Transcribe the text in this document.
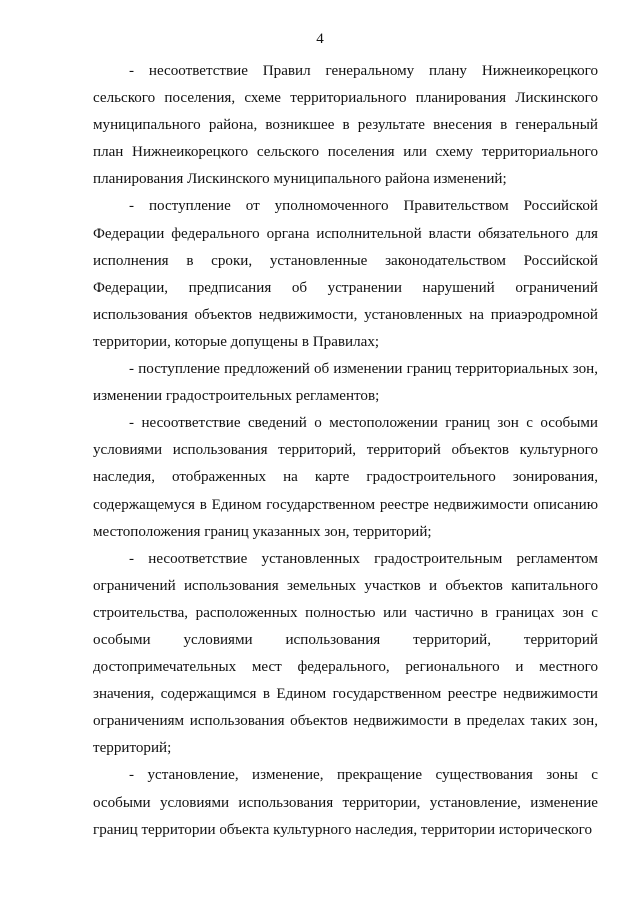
4

- несоответствие Правил генеральному плану Нижнеикорецкого сельского поселения, схеме территориального планирования Лискинского муниципального района, возникшее в результате внесения в генеральный план Нижнеикорецкого сельского поселения или схему территориального планирования Лискинского муниципального района изменений;

- поступление от уполномоченного Правительством Российской Федерации федерального органа исполнительной власти обязательного для исполнения в сроки, установленные законодательством Российской Федерации, предписания об устранении нарушений ограничений использования объектов недвижимости, установленных на приаэродромной территории, которые допущены в Правилах;

- поступление предложений об изменении границ территориальных зон, изменении градостроительных регламентов;

- несоответствие сведений о местоположении границ зон с особыми условиями использования территорий, территорий объектов культурного наследия, отображенных на карте градостроительного зонирования, содержащемуся в Едином государственном реестре недвижимости описанию местоположения границ указанных зон, территорий;

- несоответствие установленных градостроительным регламентом ограничений использования земельных участков и объектов капитального строительства, расположенных полностью или частично в границах зон с особыми условиями использования территорий, территорий достопримечательных мест федерального, регионального и местного значения, содержащимся в Едином государственном реестре недвижимости ограничениям использования объектов недвижимости в пределах таких зон, территорий;

- установление, изменение, прекращение существования зоны с особыми условиями использования территории, установление, изменение границ территории объекта культурного наследия, территории исторического
